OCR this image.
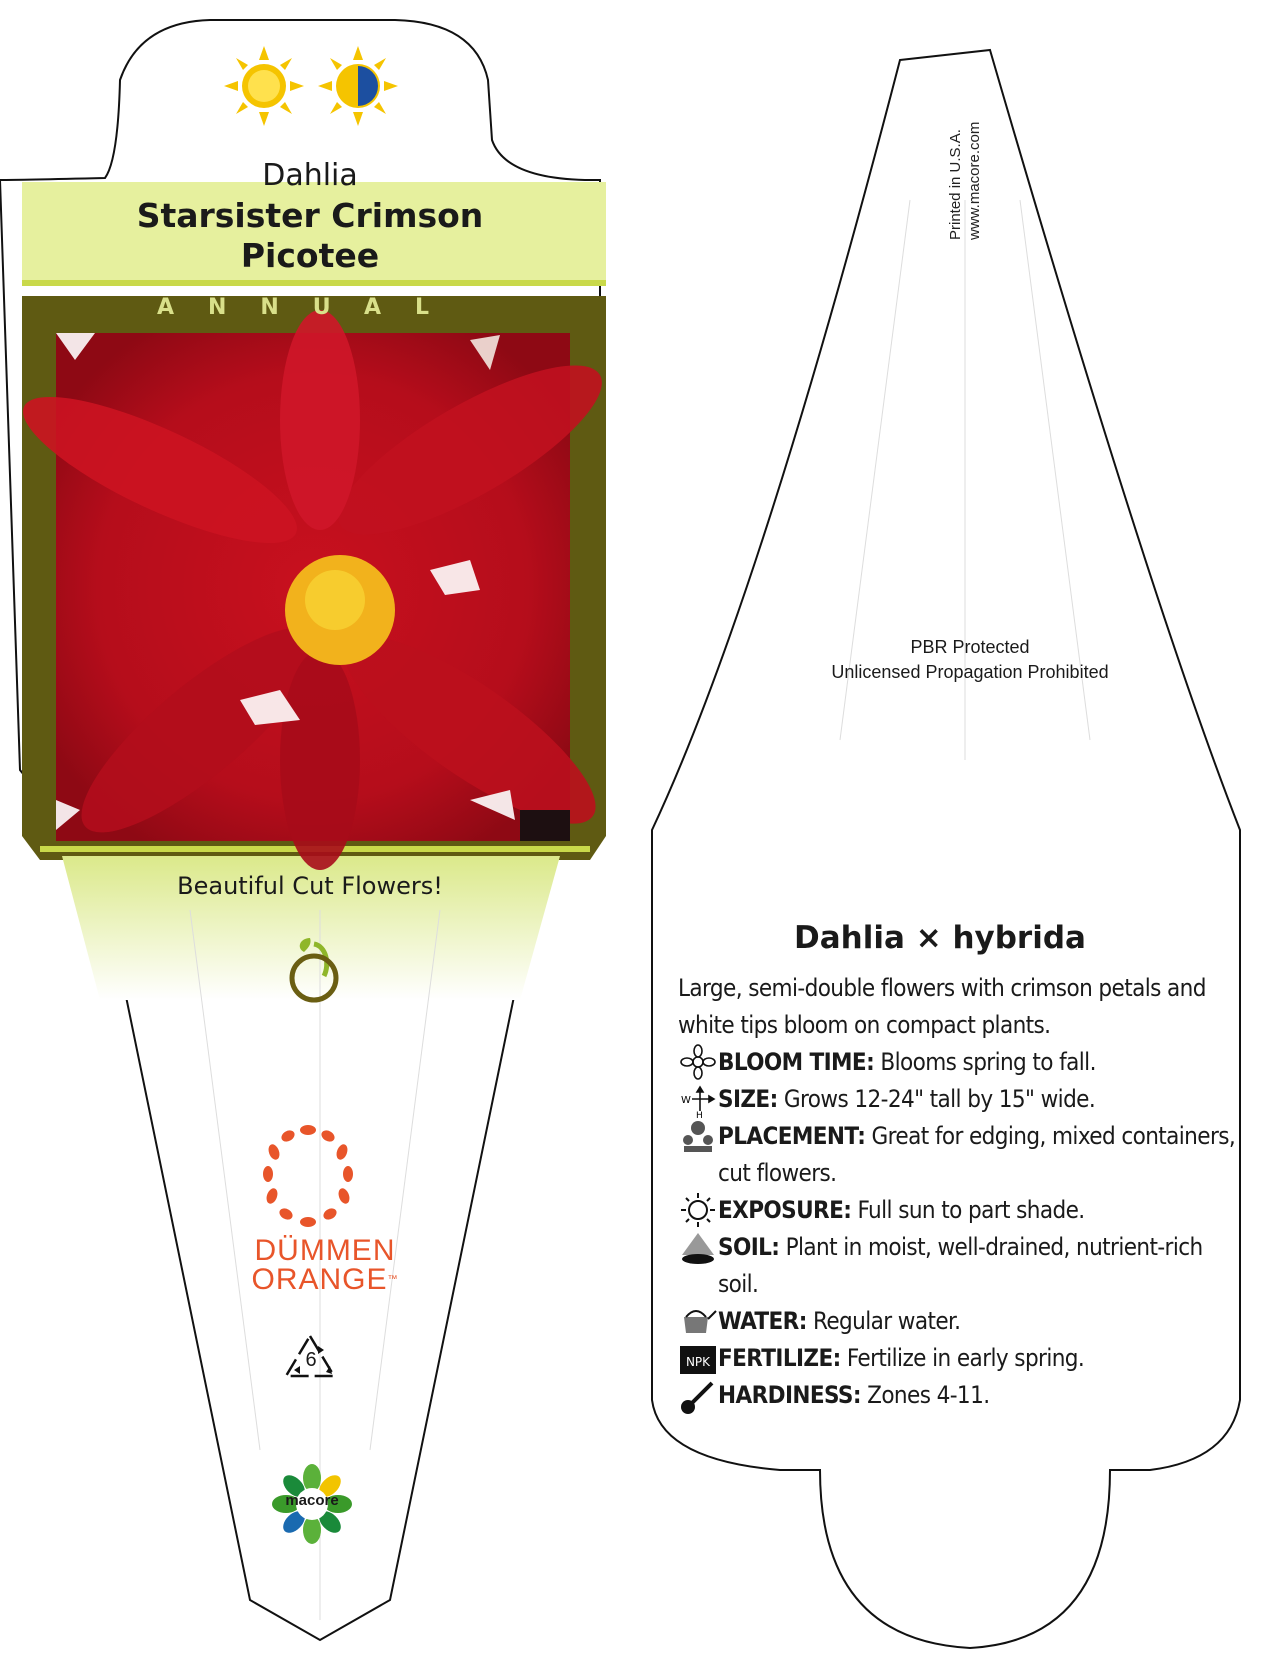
Dahlia
Starsister Crimson
Picotee
ANNUAL
Beautiful Cut Flowers!
DÜMMEN
ORANGE™
6
macore
Printed in U.S.A. www.macore.com
PBR Protected
Unlicensed Propagation Prohibited
Dahlia × hybrida
Large, semi-double flowers with crimson petals and white tips bloom on compact plants.
BLOOM TIME: Blooms spring to fall.
W
H
SIZE: Grows 12-24" tall by 15" wide.
PLACEMENT: Great for edging, mixed containers, cut flowers.
EXPOSURE: Full sun to part shade.
SOIL: Plant in moist, well-drained, nutrient-rich soil.
WATER: Regular water.
NPK FERTILIZE: Fertilize in early spring.
HARDINESS: Zones 4-11.
